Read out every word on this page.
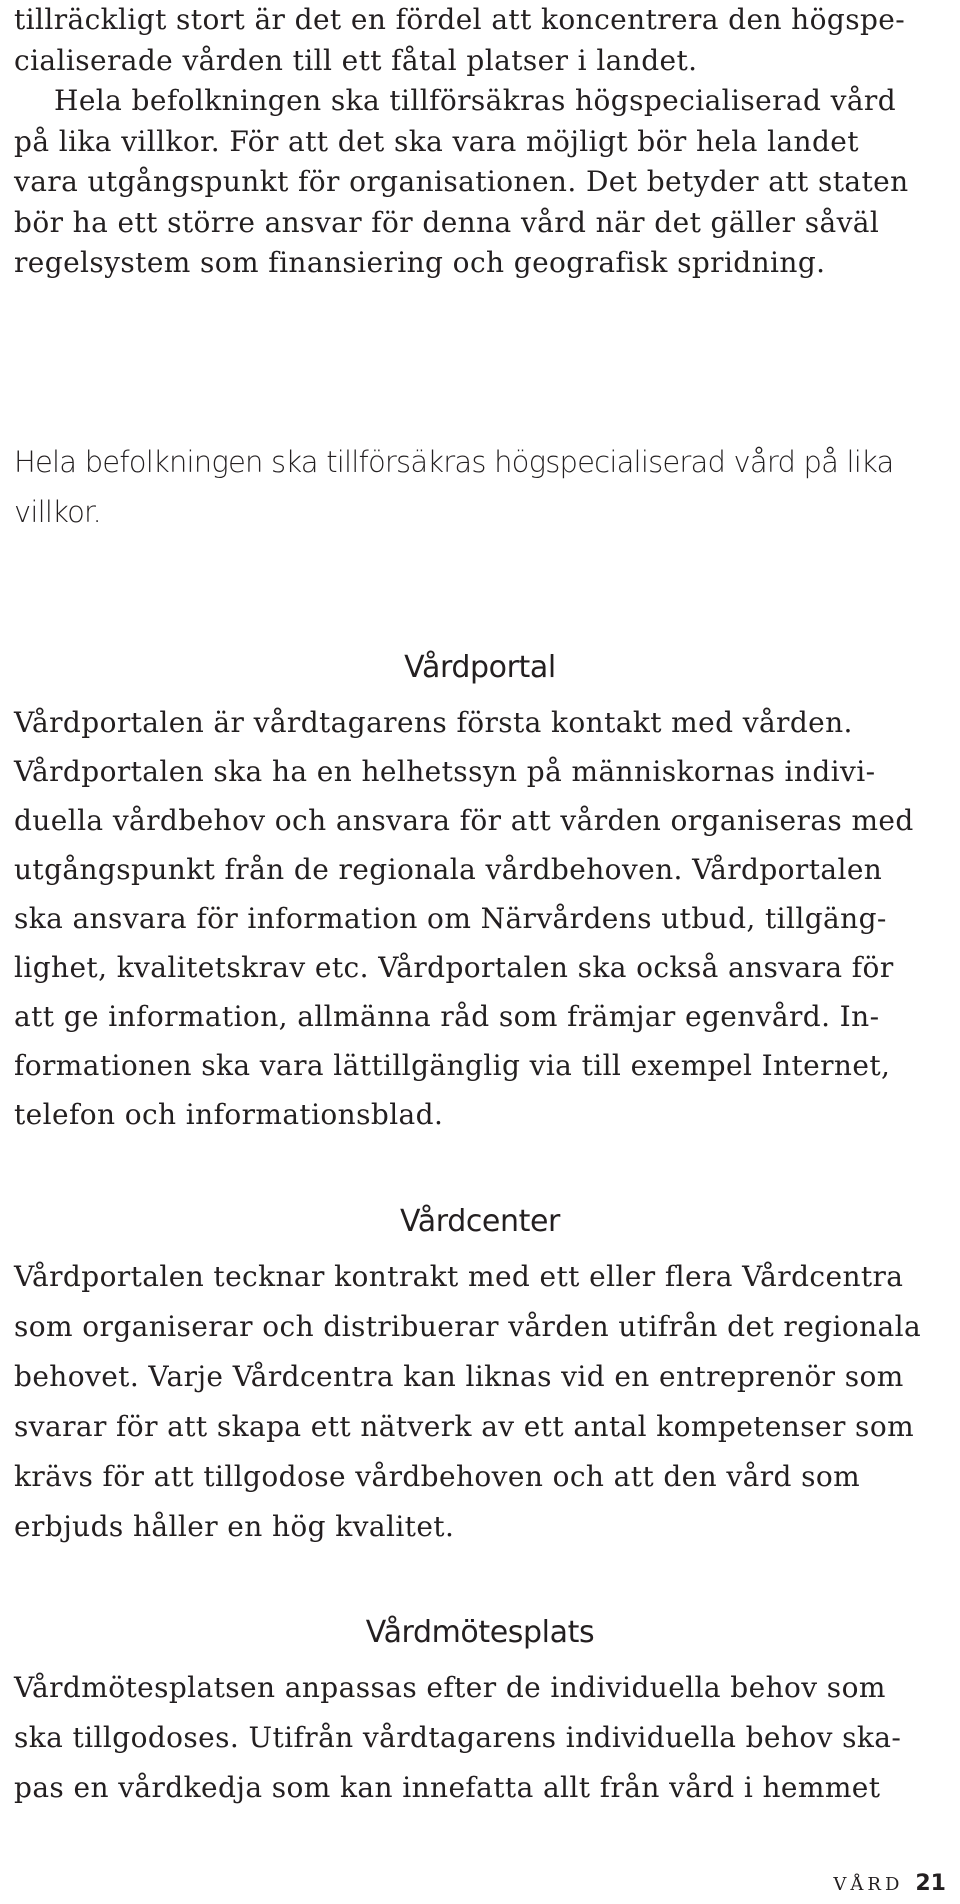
tillräckligt stort är det en fördel att koncentrera den högspe-
cialiserade vården till ett fåtal platser i landet.
Hela befolkningen ska tillförsäkras högspecialiserad vård
på lika villkor. För att det ska vara möjligt bör hela landet
vara utgångspunkt för organisationen. Det betyder att staten
bör ha ett större ansvar för denna vård när det gäller såväl
regelsystem som finansiering och geografisk spridning.
Hela befolkningen ska tillförsäkras högspecialiserad vård på lika
villkor.
Vårdportal
Vårdportalen är vårdtagarens första kontakt med vården.
Vårdportalen ska ha en helhetssyn på människornas indivi-
duella vårdbehov och ansvara för att vården organiseras med
utgångspunkt från de regionala vårdbehoven. Vårdportalen
ska ansvara för information om Närvårdens utbud, tillgäng-
lighet, kvalitetskrav etc. Vårdportalen ska också ansvara för
att ge information, allmänna råd som främjar egenvård. In-
formationen ska vara lättillgänglig via till exempel Internet,
telefon och informationsblad.
Vårdcenter
Vårdportalen tecknar kontrakt med ett eller flera Vårdcentra
som organiserar och distribuerar vården utifrån det regionala
behovet. Varje Vårdcentra kan liknas vid en entreprenör som
svarar för att skapa ett nätverk av ett antal kompetenser som
krävs för att tillgodose vårdbehoven och att den vård som
erbjuds håller en hög kvalitet.
Vårdmötesplats
Vårdmötesplatsen anpassas efter de individuella behov som
ska tillgodoses. Utifrån vårdtagarens individuella behov ska-
pas en vårdkedja som kan innefatta allt från vård i hemmet
VÅRD 21
